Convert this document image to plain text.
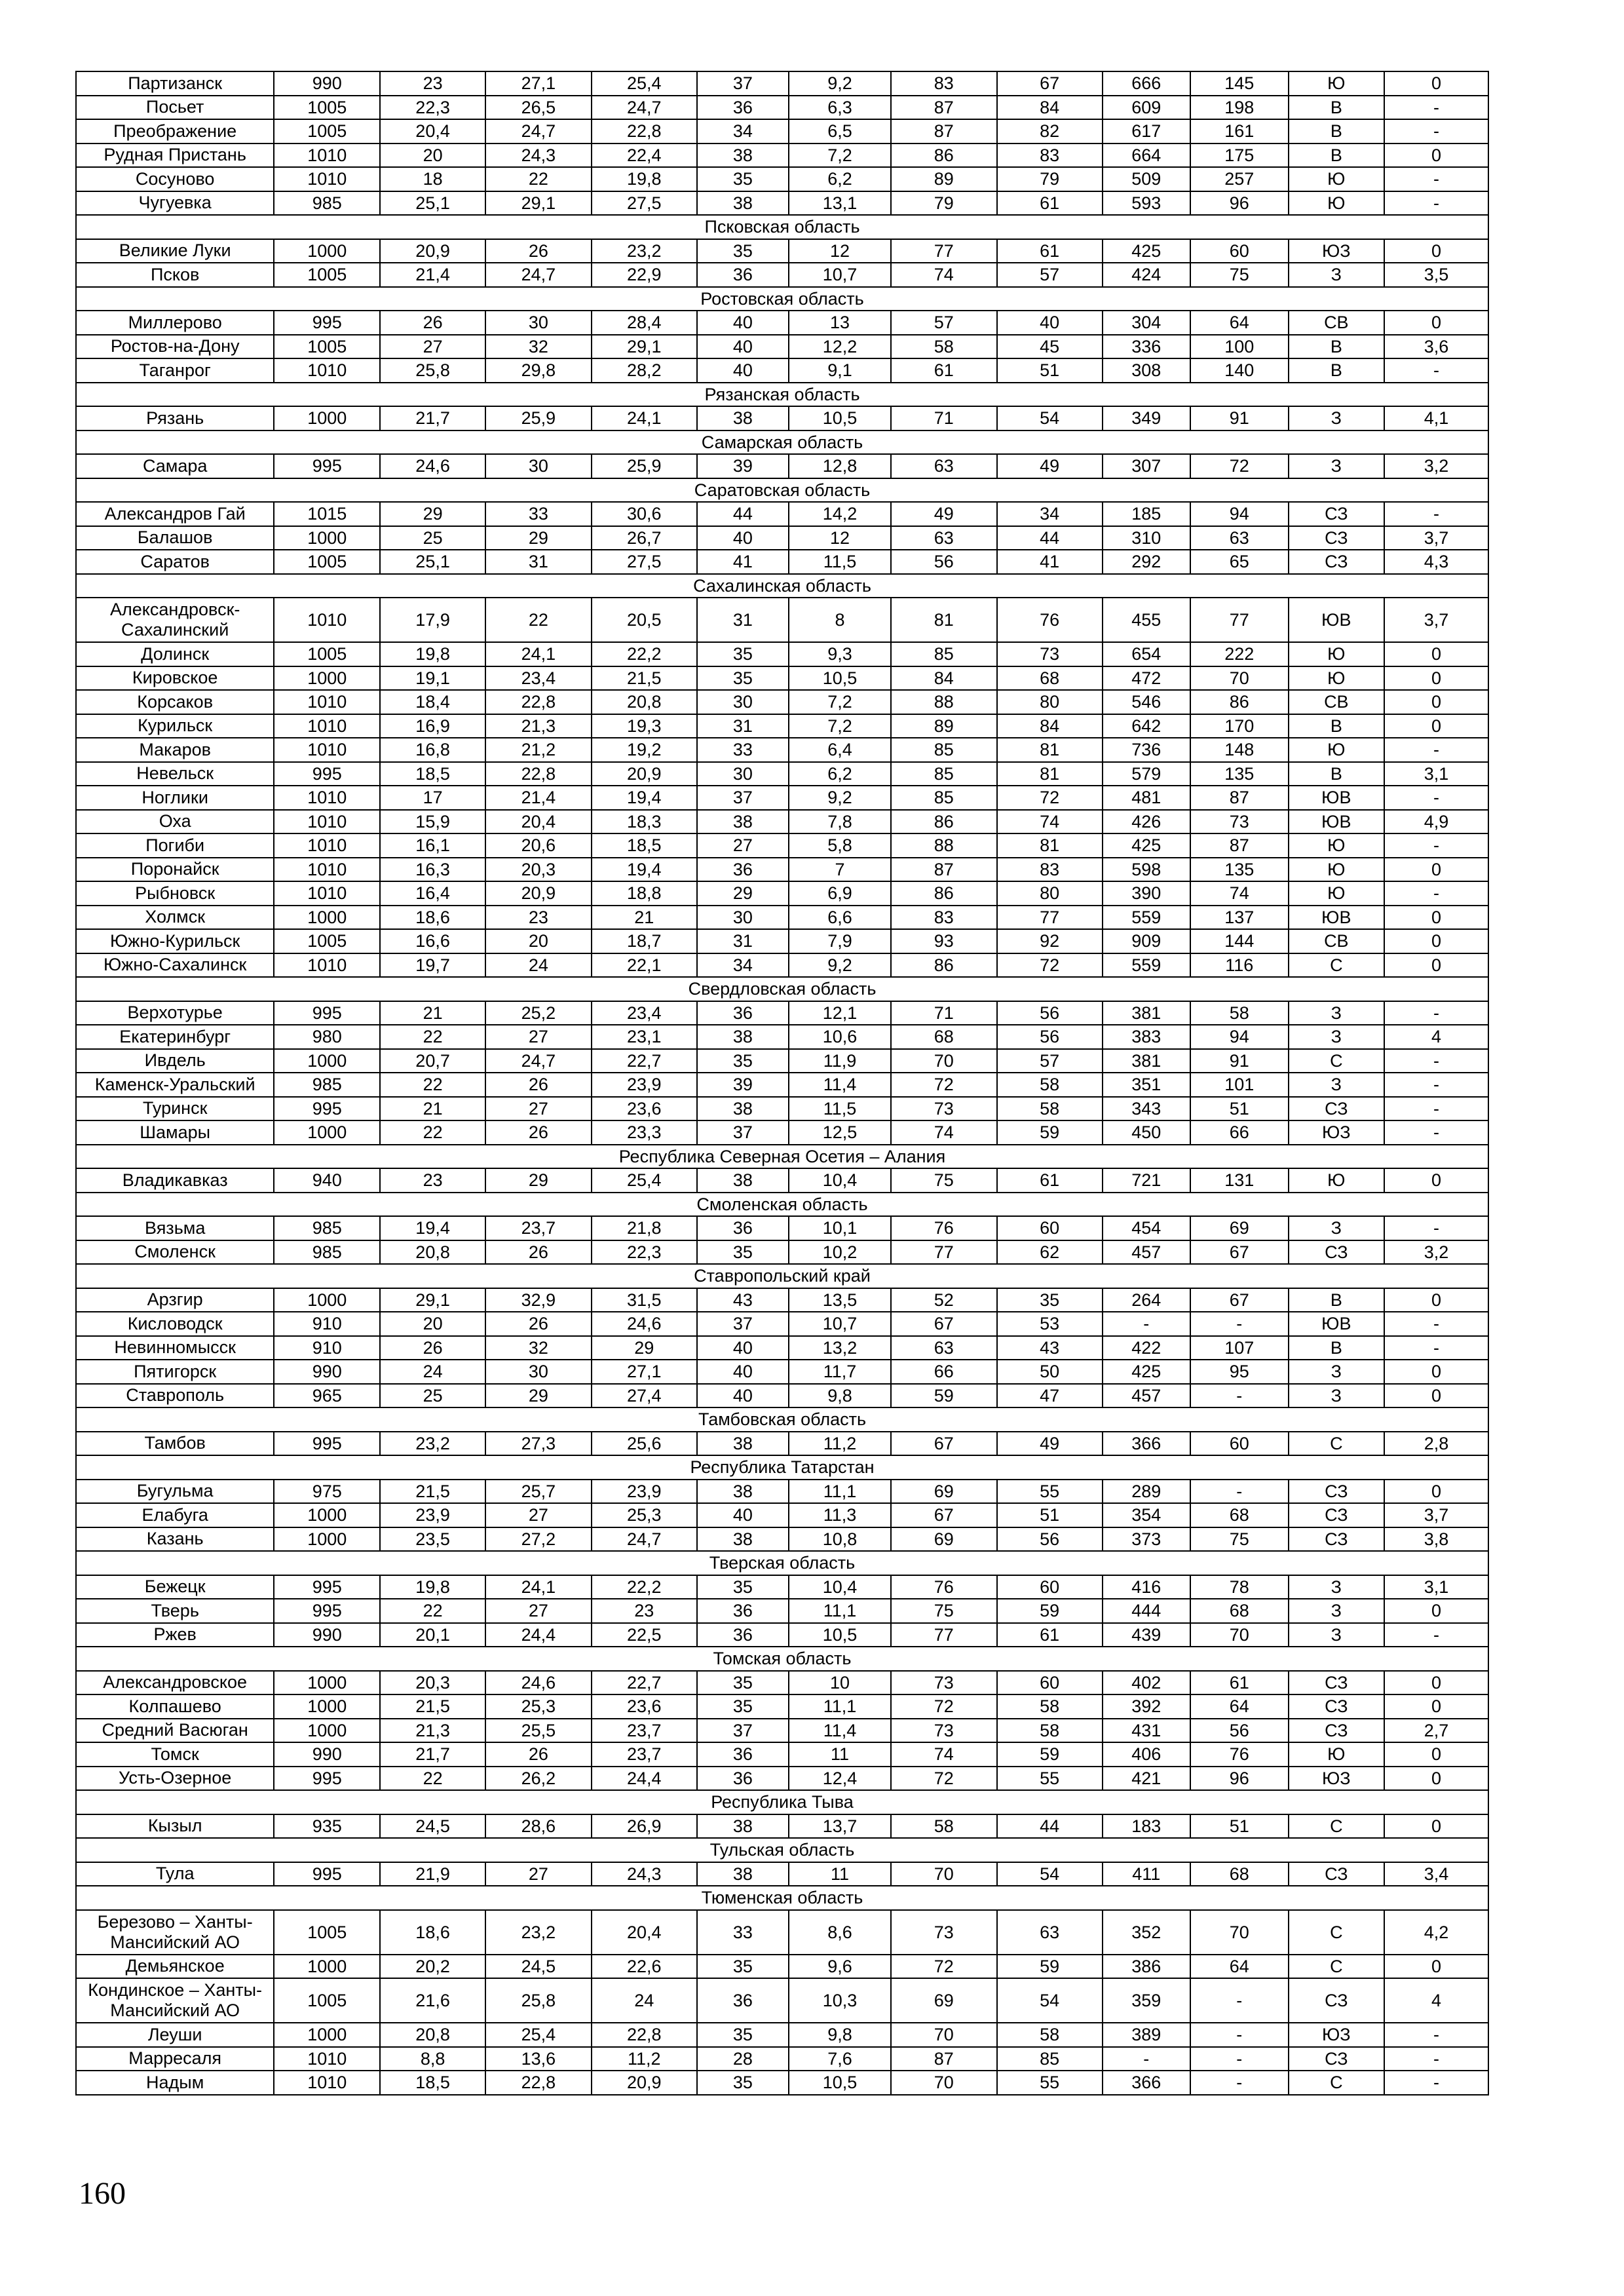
Партизанск	990	23	27,1	25,4	37	9,2	83	67	666	145	Ю	0
Посьет	1005	22,3	26,5	24,7	36	6,3	87	84	609	198	В	-
Преображение	1005	20,4	24,7	22,8	34	6,5	87	82	617	161	В	-
Рудная Пристань	1010	20	24,3	22,4	38	7,2	86	83	664	175	В	0
Сосуново	1010	18	22	19,8	35	6,2	89	79	509	257	Ю	-
Чугуевка	985	25,1	29,1	27,5	38	13,1	79	61	593	96	Ю	-
Псковская область												
Великие Луки	1000	20,9	26	23,2	35	12	77	61	425	60	ЮЗ	0
Псков	1005	21,4	24,7	22,9	36	10,7	74	57	424	75	З	3,5
Ростовская область												
Миллерово	995	26	30	28,4	40	13	57	40	304	64	СВ	0
Ростов-на-Дону	1005	27	32	29,1	40	12,2	58	45	336	100	В	3,6
Таганрог	1010	25,8	29,8	28,2	40	9,1	61	51	308	140	В	-
Рязанская область												
Рязань	1000	21,7	25,9	24,1	38	10,5	71	54	349	91	З	4,1
Самарская область												
Самара	995	24,6	30	25,9	39	12,8	63	49	307	72	З	3,2
Саратовская область												
Александров Гай	1015	29	33	30,6	44	14,2	49	34	185	94	СЗ	-
Балашов	1000	25	29	26,7	40	12	63	44	310	63	СЗ	3,7
Саратов	1005	25,1	31	27,5	41	11,5	56	41	292	65	СЗ	4,3
Сахалинская область												
Александровск-Сахалинский	1010	17,9	22	20,5	31	8	81	76	455	77	ЮВ	3,7
Долинск	1005	19,8	24,1	22,2	35	9,3	85	73	654	222	Ю	0
Кировское	1000	19,1	23,4	21,5	35	10,5	84	68	472	70	Ю	0
Корсаков	1010	18,4	22,8	20,8	30	7,2	88	80	546	86	СВ	0
Курильск	1010	16,9	21,3	19,3	31	7,2	89	84	642	170	В	0
Макаров	1010	16,8	21,2	19,2	33	6,4	85	81	736	148	Ю	-
Невельск	995	18,5	22,8	20,9	30	6,2	85	81	579	135	В	3,1
Ноглики	1010	17	21,4	19,4	37	9,2	85	72	481	87	ЮВ	-
Оха	1010	15,9	20,4	18,3	38	7,8	86	74	426	73	ЮВ	4,9
Погиби	1010	16,1	20,6	18,5	27	5,8	88	81	425	87	Ю	-
Поронайск	1010	16,3	20,3	19,4	36	7	87	83	598	135	Ю	0
Рыбновск	1010	16,4	20,9	18,8	29	6,9	86	80	390	74	Ю	-
Холмск	1000	18,6	23	21	30	6,6	83	77	559	137	ЮВ	0
Южно-Курильск	1005	16,6	20	18,7	31	7,9	93	92	909	144	СВ	0
Южно-Сахалинск	1010	19,7	24	22,1	34	9,2	86	72	559	116	С	0
Свердловская область												
Верхотурье	995	21	25,2	23,4	36	12,1	71	56	381	58	З	-
Екатеринбург	980	22	27	23,1	38	10,6	68	56	383	94	З	4
Ивдель	1000	20,7	24,7	22,7	35	11,9	70	57	381	91	С	-
Каменск-Уральский	985	22	26	23,9	39	11,4	72	58	351	101	З	-
Туринск	995	21	27	23,6	38	11,5	73	58	343	51	СЗ	-
Шамары	1000	22	26	23,3	37	12,5	74	59	450	66	ЮЗ	-
Республика Северная Осетия – Алания												
Владикавказ	940	23	29	25,4	38	10,4	75	61	721	131	Ю	0
Смоленская область												
Вязьма	985	19,4	23,7	21,8	36	10,1	76	60	454	69	З	-
Смоленск	985	20,8	26	22,3	35	10,2	77	62	457	67	СЗ	3,2
Ставропольский край												
Арзгир	1000	29,1	32,9	31,5	43	13,5	52	35	264	67	В	0
Кисловодск	910	20	26	24,6	37	10,7	67	53	-	-	ЮВ	-
Невинномысск	910	26	32	29	40	13,2	63	43	422	107	В	-
Пятигорск	990	24	30	27,1	40	11,7	66	50	425	95	З	0
Ставрополь	965	25	29	27,4	40	9,8	59	47	457	-	З	0
Тамбовская область												
Тамбов	995	23,2	27,3	25,6	38	11,2	67	49	366	60	С	2,8
Республика Татарстан												
Бугульма	975	21,5	25,7	23,9	38	11,1	69	55	289	-	СЗ	0
Елабуга	1000	23,9	27	25,3	40	11,3	67	51	354	68	СЗ	3,7
Казань	1000	23,5	27,2	24,7	38	10,8	69	56	373	75	СЗ	3,8
Тверская область												
Бежецк	995	19,8	24,1	22,2	35	10,4	76	60	416	78	З	3,1
Тверь	995	22	27	23	36	11,1	75	59	444	68	З	0
Ржев	990	20,1	24,4	22,5	36	10,5	77	61	439	70	З	-
Томская область												
Александровское	1000	20,3	24,6	22,7	35	10	73	60	402	61	СЗ	0
Колпашево	1000	21,5	25,3	23,6	35	11,1	72	58	392	64	СЗ	0
Средний Васюган	1000	21,3	25,5	23,7	37	11,4	73	58	431	56	СЗ	2,7
Томск	990	21,7	26	23,7	36	11	74	59	406	76	Ю	0
Усть-Озерное	995	22	26,2	24,4	36	12,4	72	55	421	96	ЮЗ	0
Республика Тыва												
Кызыл	935	24,5	28,6	26,9	38	13,7	58	44	183	51	С	0
Тульская область												
Тула	995	21,9	27	24,3	38	11	70	54	411	68	СЗ	3,4
Тюменская область												
Березово – Ханты-Мансийский АО	1005	18,6	23,2	20,4	33	8,6	73	63	352	70	С	4,2
Демьянское	1000	20,2	24,5	22,6	35	9,6	72	59	386	64	С	0
Кондинское – Ханты-Мансийский АО	1005	21,6	25,8	24	36	10,3	69	54	359	-	СЗ	4
Леуши	1000	20,8	25,4	22,8	35	9,8	70	58	389	-	ЮЗ	-
Марресаля	1010	8,8	13,6	11,2	28	7,6	87	85	-	-	СЗ	-
Надым	1010	18,5	22,8	20,9	35	10,5	70	55	366	-	С	-
160
